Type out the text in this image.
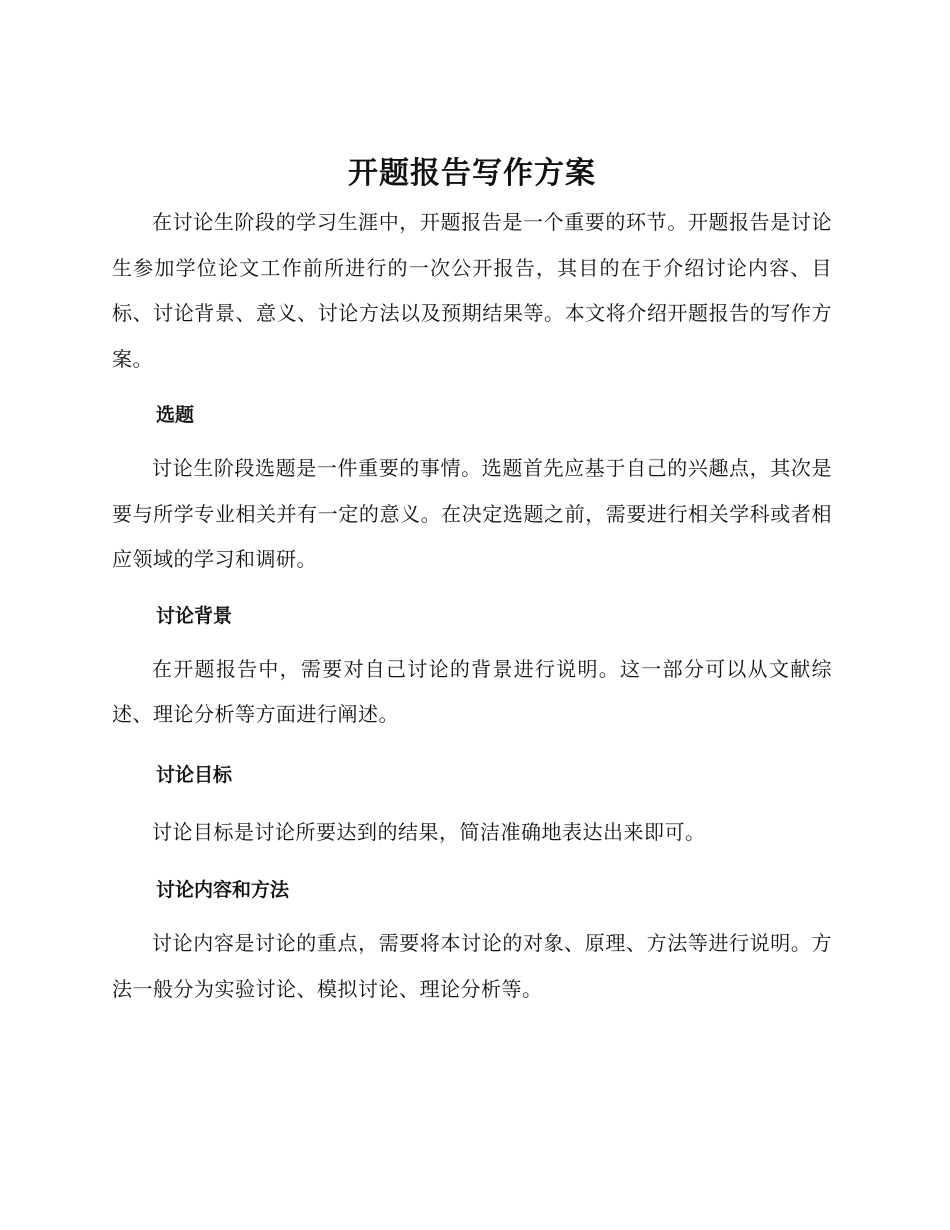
开题报告写作方案

在讨论生阶段的学习生涯中，开题报告是一个重要的环节。开题报告是讨论生参加学位论文工作前所进行的一次公开报告，其目的在于介绍讨论内容、目标、讨论背景、意义、讨论方法以及预期结果等。本文将介绍开题报告的写作方案。

选题

讨论生阶段选题是一件重要的事情。选题首先应基于自己的兴趣点，其次是要与所学专业相关并有一定的意义。在决定选题之前，需要进行相关学科或者相应领域的学习和调研。

讨论背景

在开题报告中，需要对自己讨论的背景进行说明。这一部分可以从文献综述、理论分析等方面进行阐述。

讨论目标

讨论目标是讨论所要达到的结果，简洁准确地表达出来即可。

讨论内容和方法

讨论内容是讨论的重点，需要将本讨论的对象、原理、方法等进行说明。方法一般分为实验讨论、模拟讨论、理论分析等。
